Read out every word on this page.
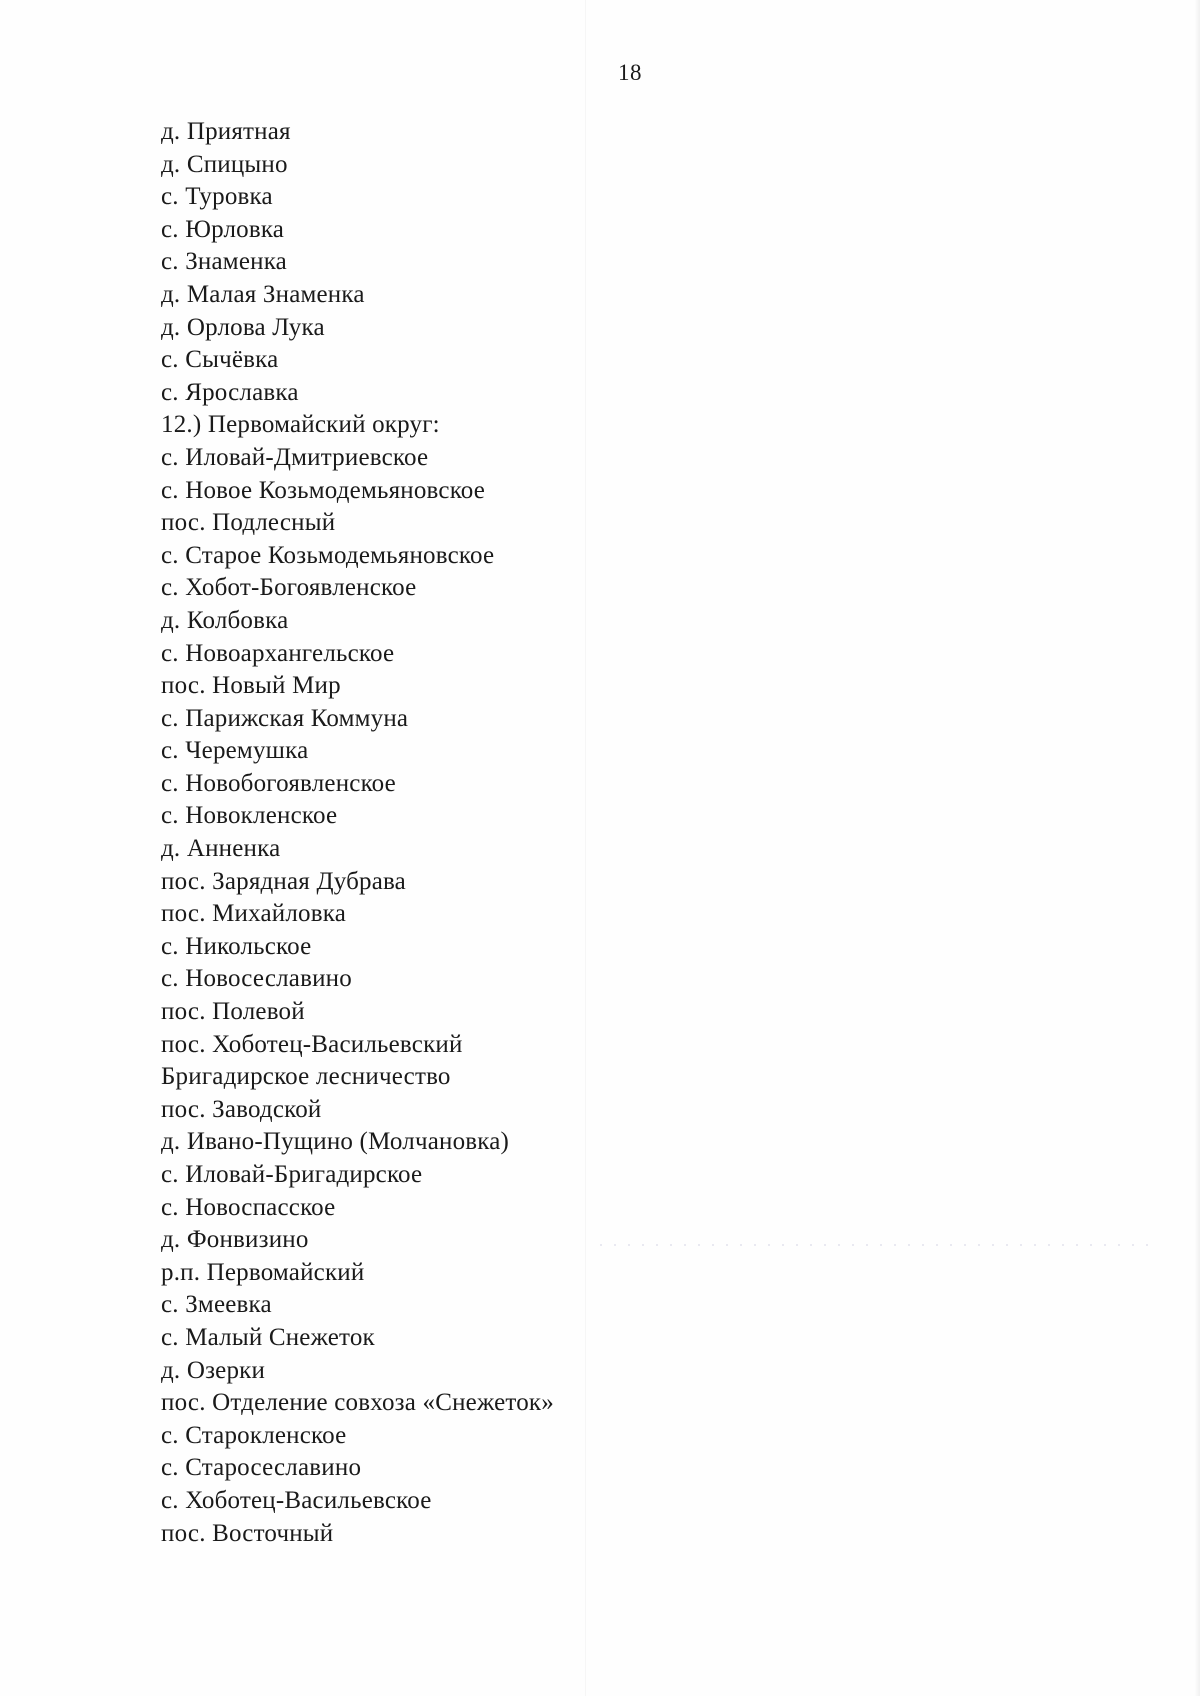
18
д. Приятная
д. Спицыно
с. Туровка
с. Юрловка
с. Знаменка
д. Малая Знаменка
д. Орлова Лука
с. Сычёвка
с. Ярославка
12.) Первомайский округ:
с. Иловай-Дмитриевское
с. Новое Козьмодемьяновское
пос. Подлесный
с. Старое Козьмодемьяновское
с. Хобот-Богоявленское
д. Колбовка
с. Новоархангельское
пос. Новый Мир
с. Парижская Коммуна
с. Черемушка
с. Новобогоявленское
с. Новокленское
д. Анненка
пос. Зарядная Дубрава
пос. Михайловка
с. Никольское
с. Новосеславино
пос. Полевой
пос. Хоботец-Васильевский
Бригадирское лесничество
пос. Заводской
д. Ивано-Пущино (Молчановка)
с. Иловай-Бригадирское
с. Новоспасское
д. Фонвизино
р.п. Первомайский
с. Змеевка
с. Малый Снежеток
д. Озерки
пос. Отделение совхоза «Снежеток»
с. Старокленское
с. Старосеславино
с. Хоботец-Васильевское
пос. Восточный
